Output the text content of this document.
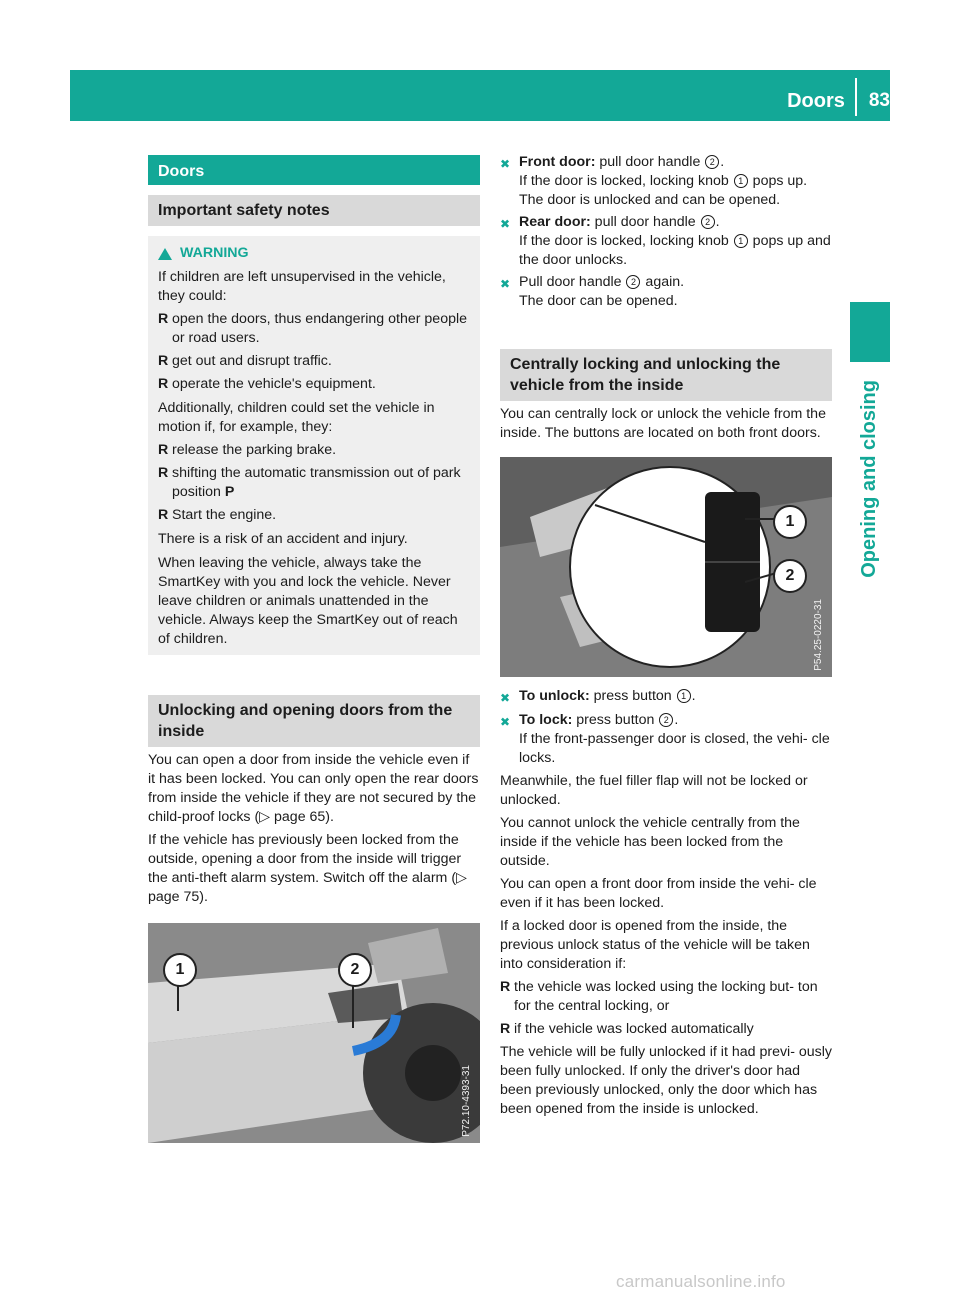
Doors	83
Opening and closing
Doors
Important safety notes
WARNING

If children are left unsupervised in the vehicle, they could:

R open the doors, thus endangering other people or road users.
R get out and disrupt traffic.
R operate the vehicle's equipment.

Additionally, children could set the vehicle in motion if, for example, they:

R release the parking brake.
R shifting the automatic transmission out of park position P
R Start the engine.

There is a risk of an accident and injury.

When leaving the vehicle, always take the SmartKey with you and lock the vehicle. Never leave children or animals unattended in the vehicle. Always keep the SmartKey out of reach of children.

Unlocking and opening doors from the inside

You can open a door from inside the vehicle even if it has been locked. You can only open the rear doors from inside the vehicle if they are not secured by the child-proof locks (▷ page 65).

If the vehicle has previously been locked from the outside, opening a door from the inside will trigger the anti-theft alarm system. Switch off the alarm (▷ page 75).

1	2
P72.10-4393-31
✖ Front door: pull door handle 2 .
If the door is locked, locking knob 1 pops up. The door is unlocked and can be opened.
✖ Rear door: pull door handle 2 .
If the door is locked, locking knob 1 pops up and the door unlocks.
✖ Pull door handle 2 again.
The door can be opened.
Centrally locking and unlocking the vehicle from the inside

You can centrally lock or unlock the vehicle from the inside. The buttons are located on both front doors.

1
2
P54.25-0220-31
✖ To unlock: press button 1 .
✖ To lock: press button 2 .
If the front-passenger door is closed, the vehi- cle locks.

Meanwhile, the fuel filler flap will not be locked or unlocked.

You cannot unlock the vehicle centrally from the inside if the vehicle has been locked from the outside.

You can open a front door from inside the vehi- cle even if it has been locked.

If a locked door is opened from the inside, the previous unlock status of the vehicle will be taken into consideration if:

R the vehicle was locked using the locking but- ton for the central locking, or
R if the vehicle was locked automatically

The vehicle will be fully unlocked if it had previ- ously been fully unlocked. If only the driver's door had been previously unlocked, only the door which has been opened from the inside is unlocked.

carmanualsonline.info
